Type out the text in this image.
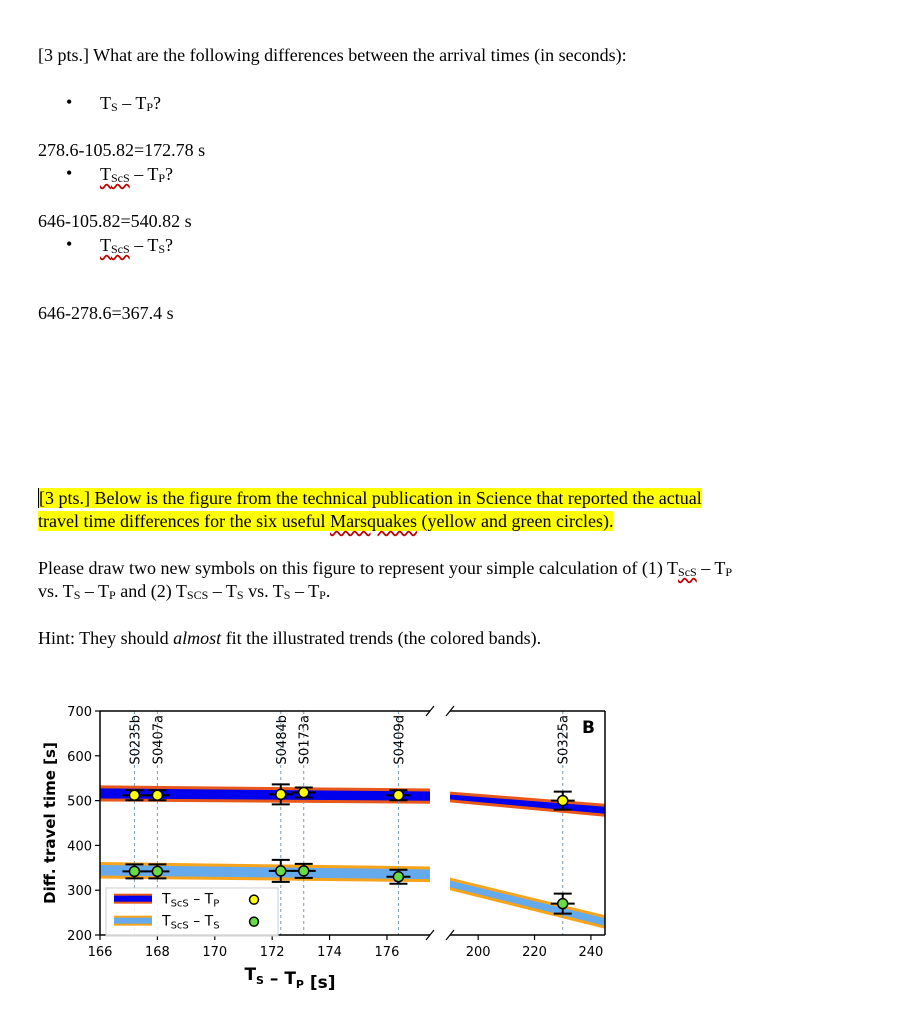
[3 pts.] What are the following differences between the arrival times (in seconds):
• TS – TP?
278.6-105.82=172.78 s
• TScS – TP?
646-105.82=540.82 s
• TScS – TS?
646-278.6=367.4 s
[3 pts.] Below is the figure from the technical publication in Science that reported the actual
travel time differences for the six useful Marsquakes (yellow and green circles).
Please draw two new symbols on this figure to represent your simple calculation of (1) TScS – TP
vs. TS – TP and (2) TSCS – TS vs. TS – TP.
Hint: They should almost fit the illustrated trends (the colored bands).
S0235b S0407a	S0484b S0173a	S0409d	S0325a
200
300
400
500
600
700
166	168	170	172	174	176	200 220 240
Diff. travel time [s]
$T_S - T_P$ [s]
B
TScS – TP
TScS – TS
